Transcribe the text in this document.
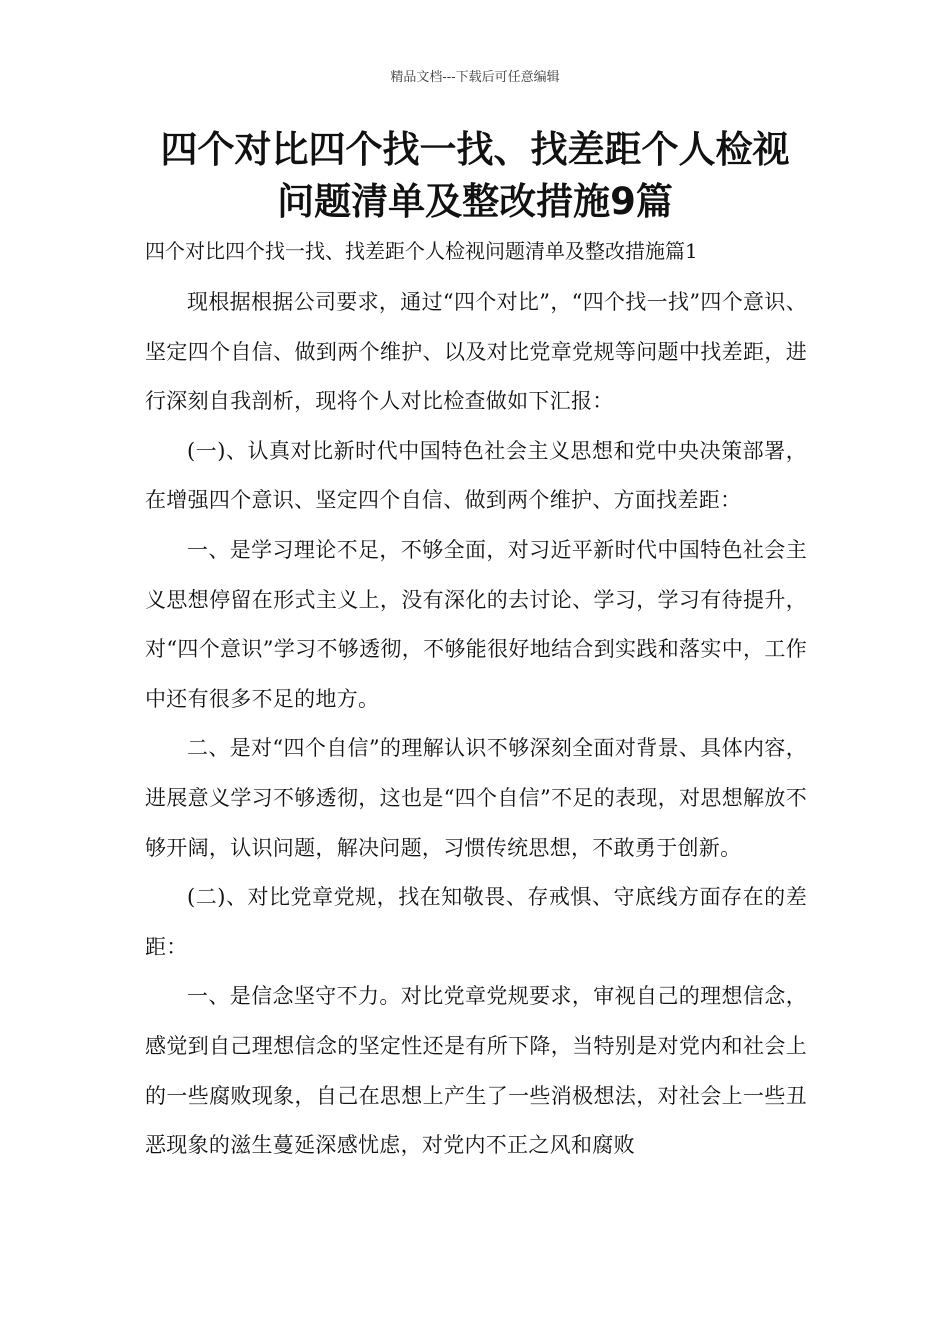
精品文档---下载后可任意编辑
四个对比四个找一找、找差距个人检视
问题清单及整改措施9篇
四个对比四个找一找、找差距个人检视问题清单及整改措施篇1

现根据根据公司要求，通过“四个对比”，“四个找一找”四个意识、坚定四个自信、做到两个维护、以及对比党章党规等问题中找差距，进行深刻自我剖析，现将个人对比检查做如下汇报：

(一)、认真对比新时代中国特色社会主义思想和党中央决策部署，在增强四个意识、坚定四个自信、做到两个维护、方面找差距：

一、是学习理论不足，不够全面，对习近平新时代中国特色社会主义思想停留在形式主义上，没有深化的去讨论、学习，学习有待提升，对“四个意识”学习不够透彻，不够能很好地结合到实践和落实中，工作中还有很多不足的地方。

二、是对“四个自信”的理解认识不够深刻全面对背景、具体内容，进展意义学习不够透彻，这也是“四个自信”不足的表现，对思想解放不够开阔，认识问题，解决问题，习惯传统思想，不敢勇于创新。

(二)、对比党章党规，找在知敬畏、存戒惧、守底线方面存在的差距：

一、是信念坚守不力。对比党章党规要求，审视自己的理想信念，感觉到自己理想信念的坚定性还是有所下降，当特别是对党内和社会上的一些腐败现象，自己在思想上产生了一些消极想法，对社会上一些丑恶现象的滋生蔓延深感忧虑，对党内不正之风和腐败
